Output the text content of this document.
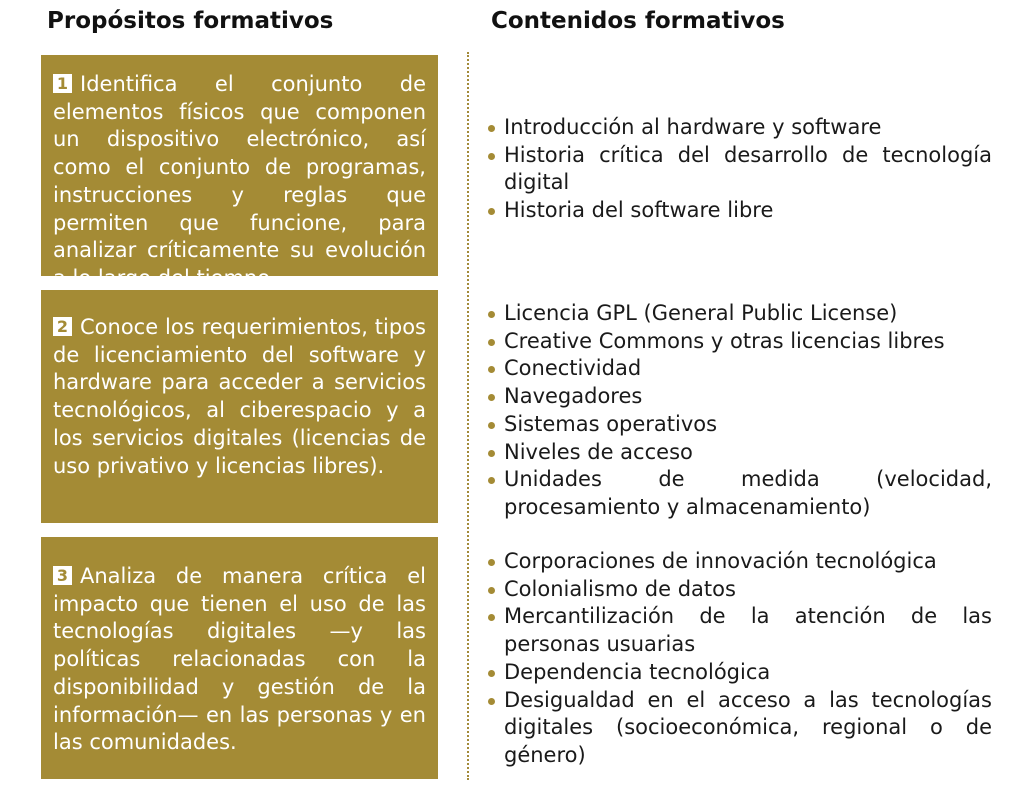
Propósitos formativos	Contenidos formativos

1 Identifica el conjunto de elementos físicos que componen un dispositivo electrónico, así como el conjunto de programas, instrucciones y reglas que permiten que funcione, para analizar críticamente su evolución a lo largo del tiempo.

2 Conoce los requerimientos, tipos de licenciamiento del software y hardware para acceder a servicios tecnológicos, al ciberespacio y a los servicios digitales (licencias de uso privativo y licencias libres).

3 Analiza de manera crítica el impacto que tienen el uso de las tecnologías digitales —y las políticas relacionadas con la disponibilidad y gestión de la información— en las personas y en las comunidades.

Introducción al hardware y software
Historia crítica del desarrollo de tecnología digital
Historia del software libre
Licencia GPL (General Public License)
Creative Commons y otras licencias libres
Conectividad
Navegadores
Sistemas operativos
Niveles de acceso
Unidades de medida (velocidad, procesamiento y almacenamiento)
Corporaciones de innovación tecnológica
Colonialismo de datos
Mercantilización de la atención de las personas usuarias
Dependencia tecnológica
Desigualdad en el acceso a las tecnologías digitales (socioeconómica, regional o de género)
